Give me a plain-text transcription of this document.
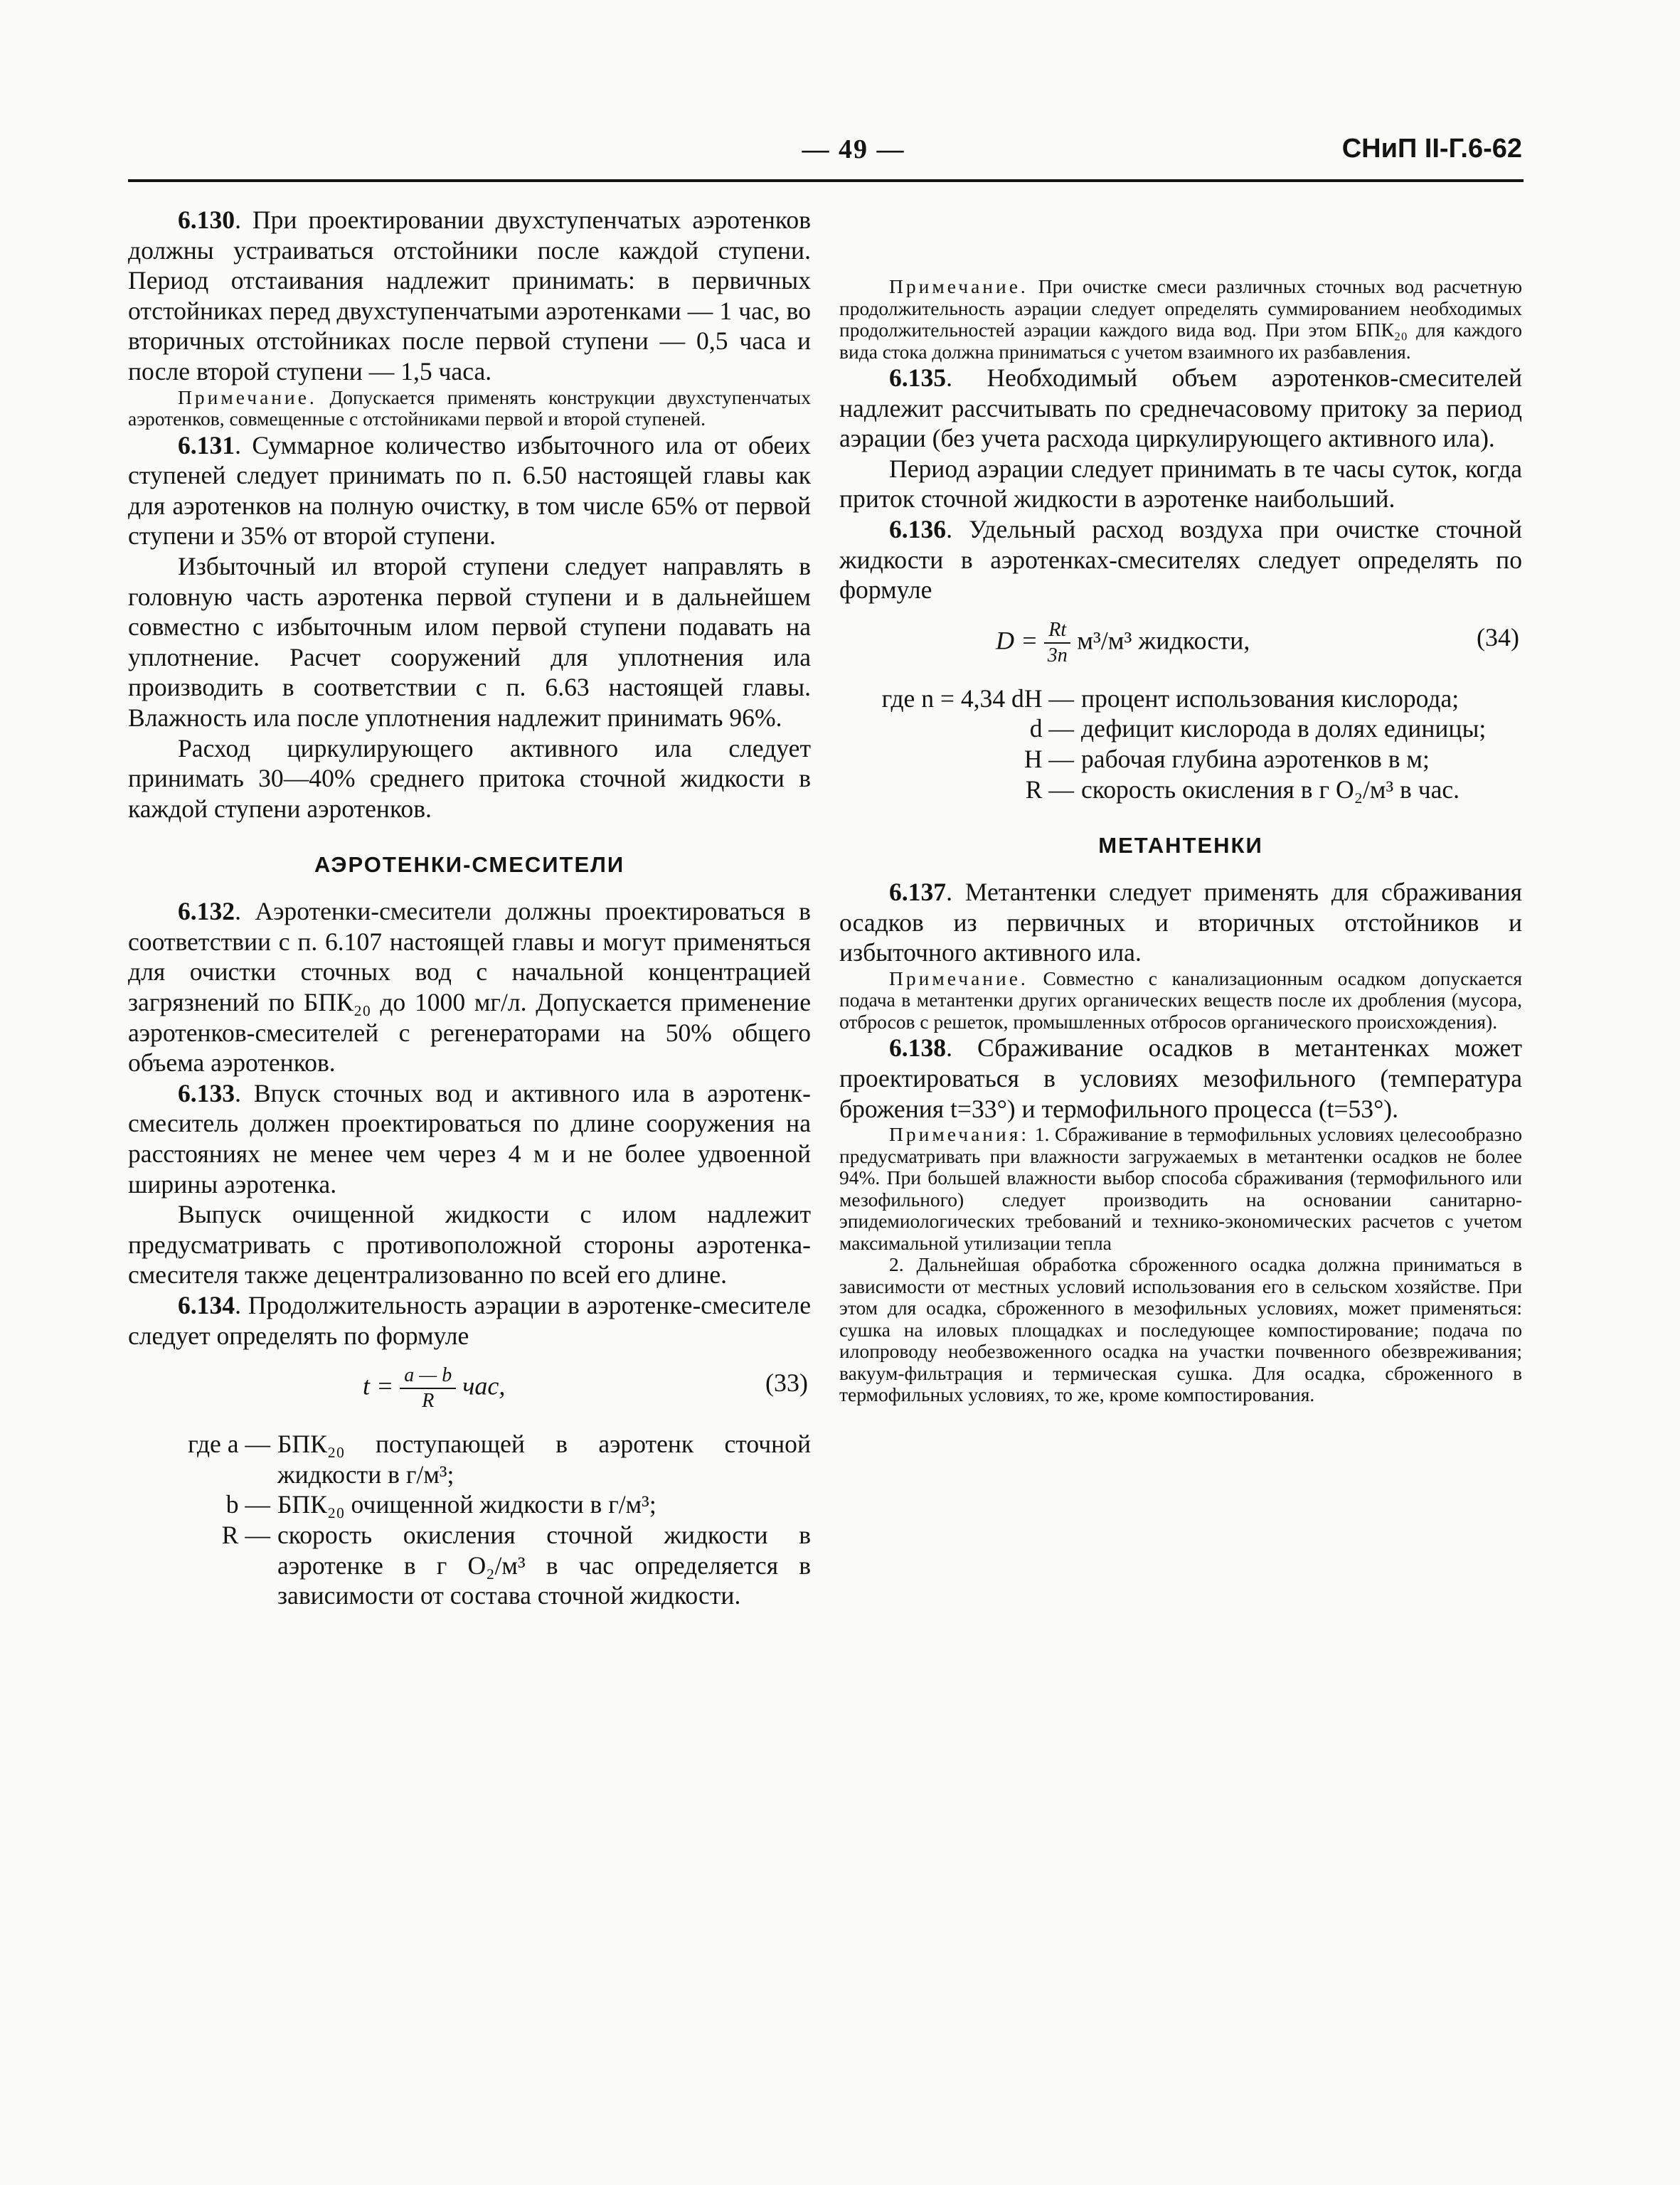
— 49 —	СНиП II-Г.6-62

6.130. При проектировании двухступенчатых аэротенков должны устраиваться отстойники после каждой ступени. Период отстаивания надлежит принимать: в первичных отстойниках перед двухступенчатыми аэротенками — 1 час, во вторичных отстойниках после первой ступени — 0,5 часа и после второй ступени — 1,5 часа.

Примечание. Допускается применять конструкции двухступенчатых аэротенков, совмещенные с отстойниками первой и второй ступеней.

6.131. Суммарное количество избыточного ила от обеих ступеней следует принимать по п. 6.50 настоящей главы как для аэротенков на полную очистку, в том числе 65% от первой ступени и 35% от второй ступени.

Избыточный ил второй ступени следует направлять в головную часть аэротенка первой ступени и в дальнейшем совместно с избыточным илом первой ступени подавать на уплотнение. Расчет сооружений для уплотнения ила производить в соответствии с п. 6.63 настоящей главы. Влажность ила после уплотнения надлежит принимать 96%.

Расход циркулирующего активного ила следует принимать 30—40% среднего притока сточной жидкости в каждой ступени аэротенков.

АЭРОТЕНКИ-СМЕСИТЕЛИ

6.132. Аэротенки-смесители должны проектироваться в соответствии с п. 6.107 настоящей главы и могут применяться для очистки сточных вод с начальной концентрацией загрязнений по БПК₂₀ до 1000 мг/л. Допускается применение аэротенков-смесителей с регенераторами на 50% общего объема аэротенков.

6.133. Впуск сточных вод и активного ила в аэротенк-смеситель должен проектироваться по длине сооружения на расстояниях не менее чем через 4 м и не более удвоенной ширины аэротенка.

Выпуск очищенной жидкости с илом надлежит предусматривать с противоположной стороны аэротенка-смесителя также децентрализованно по всей его длине.

6.134. Продолжительность аэрации в аэротенке-смесителе следует определять по формуле

$t = \frac{a — b}{R}$ час,	(33)

где a — БПК₂₀ поступающей в аэротенк сточной жидкости в г/м³;

b — БПК₂₀ очищенной жидкости в г/м³;

R — скорость окисления сточной жидкости в аэротенке в г O₂/м³ в час определяется в зависимости от состава сточной жидкости.

Примечание. При очистке смеси различных сточных вод расчетную продолжительность аэрации следует определять суммированием необходимых продолжительностей аэрации каждого вида вод. При этом БПК₂₀ для каждого вида стока должна приниматься с учетом взаимного их разбавления.

6.135. Необходимый объем аэротенков-смесителей надлежит рассчитывать по среднечасовому притоку за период аэрации (без учета расхода циркулирующего активного ила).

Период аэрации следует принимать в те часы суток, когда приток сточной жидкости в аэротенке наибольший.

6.136. Удельный расход воздуха при очистке сточной жидкости в аэротенках-смесителях следует определять по формуле

$D = \frac{Rt}{3n} м^3/м^3$ жидкости,	(34)

где n = 4,34 dH — процент использования кислорода;

d — дефицит кислорода в долях единицы;

H — рабочая глубина аэротенков в м;

R — скорость окисления в г O₂/м³ в час.

МЕТАНТЕНКИ

6.137. Метантенки следует применять для сбраживания осадков из первичных и вторичных отстойников и избыточного активного ила.

Примечание. Совместно с канализационным осадком допускается подача в метантенки других органических веществ после их дробления (мусора, отбросов с решеток, промышленных отбросов органического происхождения).

6.138. Сбраживание осадков в метантенках может проектироваться в условиях мезофильного (температура брожения t=33°) и термофильного процесса (t=53°).

Примечания: 1. Сбраживание в термофильных условиях целесообразно предусматривать при влажности загружаемых в метантенки осадков не более 94%. При большей влажности выбор способа сбраживания (термофильного или мезофильного) следует производить на основании санитарно-эпидемиологических требований и технико-экономических расчетов с учетом максимальной утилизации тепла

2. Дальнейшая обработка сброженного осадка должна приниматься в зависимости от местных условий использования его в сельском хозяйстве. При этом для осадка, сброженного в мезофильных условиях, может применяться: сушка на иловых площадках и последующее компостирование; подача по илопроводу необезвоженного осадка на участки почвенного обезвреживания; вакуум-фильтрация и термическая сушка. Для осадка, сброженного в термофильных условиях, то же, кроме компостирования.
